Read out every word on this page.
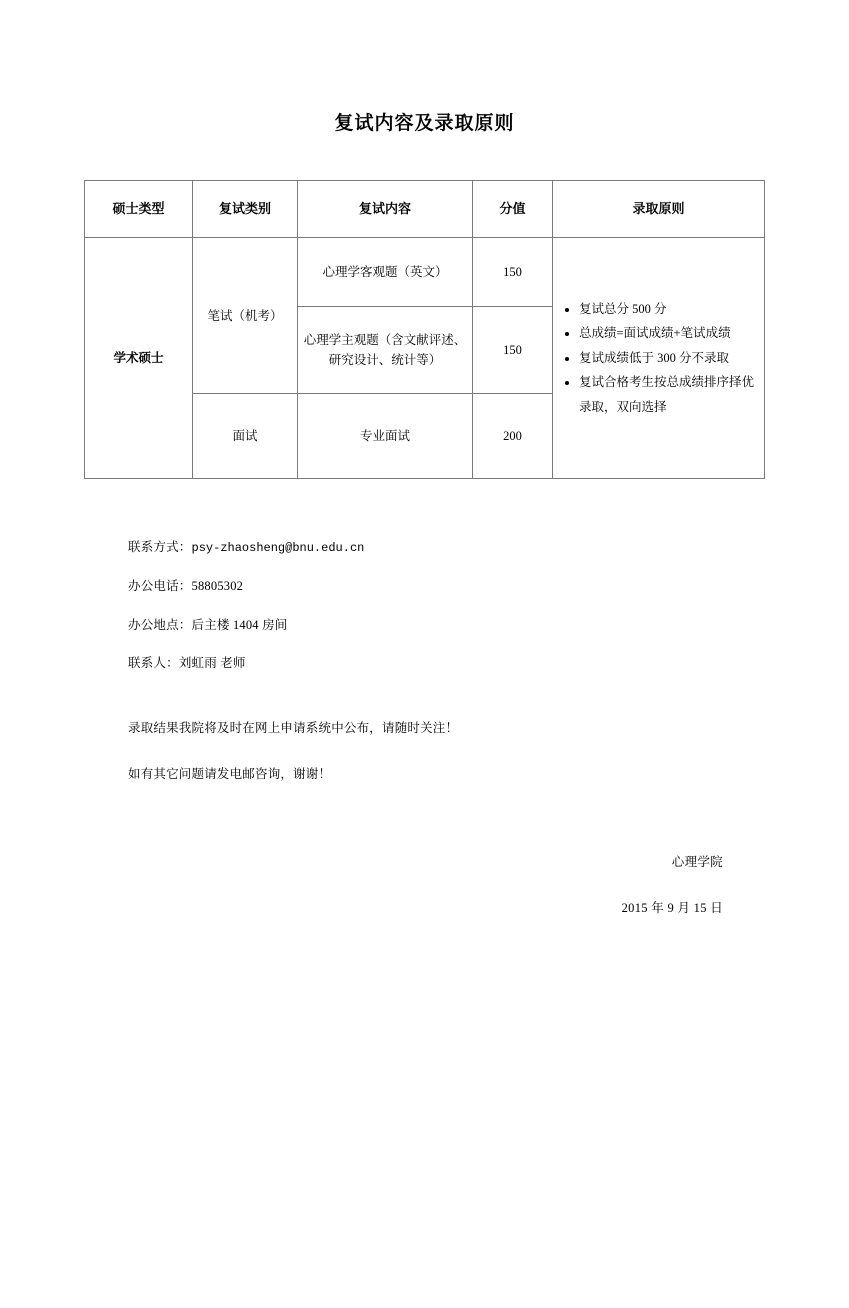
复试内容及录取原则
硕士类型	复试类别	复试内容	分值	录取原则
学术硕士	笔试（机考）	心理学客观题（英文）	150	
• 复试总分 500 分
• 总成绩=面试成绩+笔试成绩
• 复试成绩低于 300 分不录取
• 复试合格考生按总成绩排序择优录取，双向选择

		心理学主观题（含文献评述、研究设计、统计等）	150	
	面试	专业面试	200	
联系方式：psy-zhaosheng@bnu.edu.cn
办公电话：58805302
办公地点：后主楼 1404 房间
联系人：刘虹雨 老师
录取结果我院将及时在网上申请系统中公布，请随时关注！
如有其它问题请发电邮咨询，谢谢！
心理学院
2015 年 9 月 15 日
